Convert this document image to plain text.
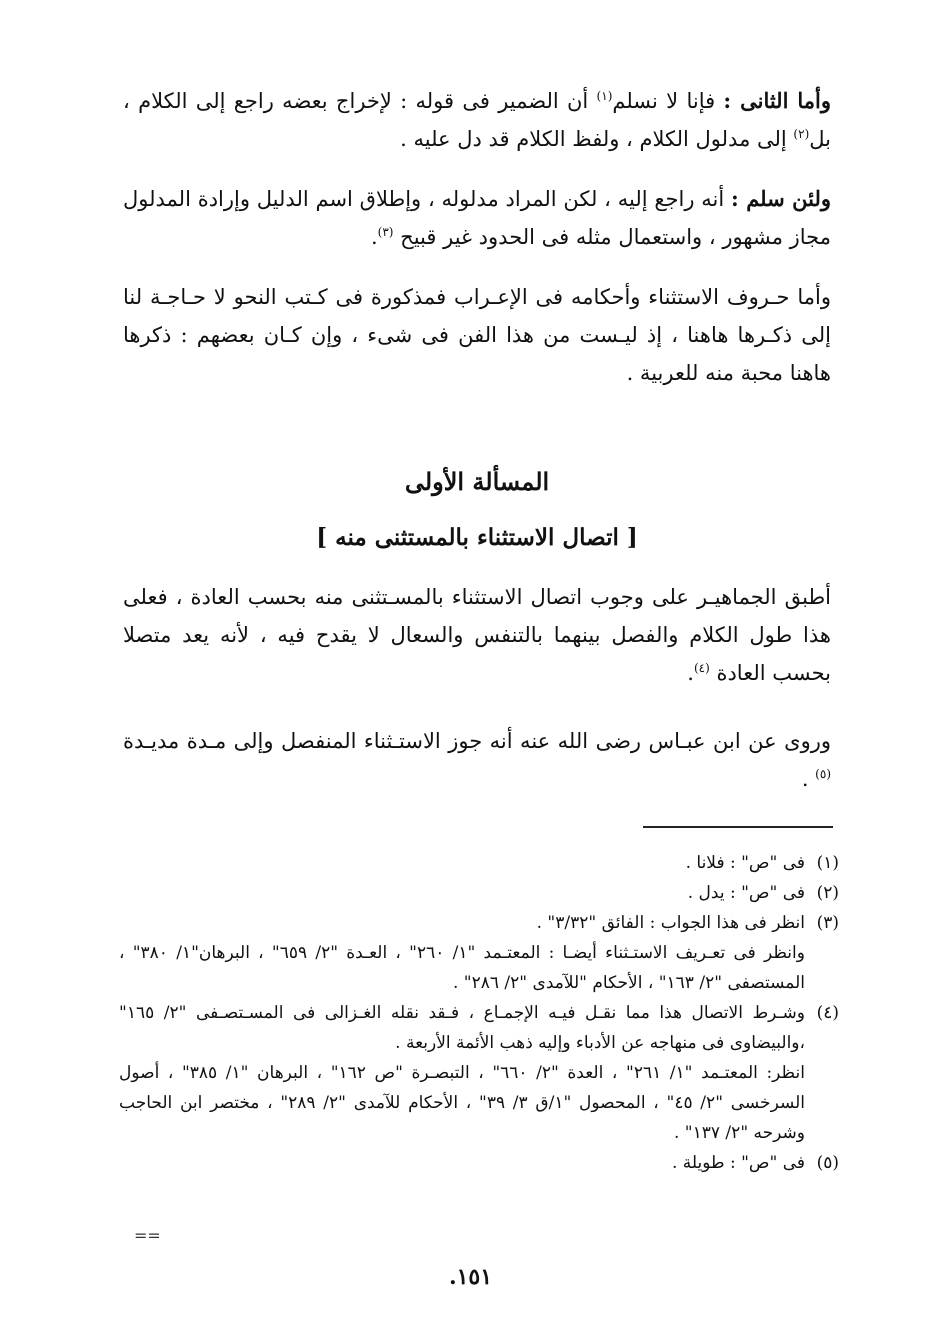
وأما الثانى : فإنا لا نسلم$^{(١)}$ أن الضمير فى قوله : لإخراج بعضه راجع إلى الكلام ، بل$^{(٢)}$ إلى مدلول الكلام ، ولفظ الكلام قد دل عليه .

ولئن سلم : أنه راجع إليه ، لكن المراد مدلوله ، وإطلاق اسم الدليل وإرادة المدلول مجاز مشهور ، واستعمال مثله فى الحدود غير قبيح $^{(٣)}$.

وأما حـروف الاستثناء وأحكامه فى الإعـراب فمذكورة فى كـتب النحو لا حـاجـة لنا إلى ذكـرها هاهنا ، إذ ليـست من هذا الفن فى شىء ، وإن كـان بعضهم : ذكرها هاهنا محبة منه للعربية .

المسألة الأولى
[ اتصال الاستثناء بالمستثنى منه ]

أطبق الجماهيـر على وجوب اتصال الاستثناء بالمسـتثنى منه بحسب العادة ، فعلى هذا طول الكلام والفصل بينهما بالتنفس والسعال لا يقدح فيه ، لأنه يعد متصلا بحسب العادة $^{(٤)}$.

وروى عن ابن عبـاس رضى الله عنه أنه جوز الاستـثناء المنفصل وإلى مـدة مديـدة $^{(٥)}$ .

(١)
فى "ص" : فلانا .
(٢)
فى "ص" : يدل .
(٣)
انظر فى هذا الجواب : الفائق "٣/٣٢" .
وانظر فى تعـريف الاستـثناء أيضـا : المعتـمد "١/ ٢٦٠" ، العـدة "٢/ ٦٥٩" ، البرهان"١/ ٣٨٠" ، المستصفى "٢/ ١٦٣" ، الأحكام "للآمدى "٢/ ٢٨٦" .
(٤)
وشـرط الاتصال هذا مما نقـل فيـه الإجمـاع ، فـقد نقله الغـزالى فى المسـتصـفى "٢/ ١٦٥" ،والبيضاوى فى منهاجه عن الأدباء وإليه ذهب الأئمة الأربعة .
انظر: المعتـمد "١/ ٢٦١" ، العدة "٢/ ٦٦٠" ، التبصـرة "ص ١٦٢" ، البرهان "١/ ٣٨٥" ، أصول السرخسى "٢/ ٤٥" ، المحصول "١/ق ٣/ ٣٩" ، الأحكام للآمدى "٢/ ٢٨٩" ، مختصر ابن الحاجب وشرحه "٢/ ١٣٧" .
(٥)
فى "ص" : طويلة .
==
١٥١.
